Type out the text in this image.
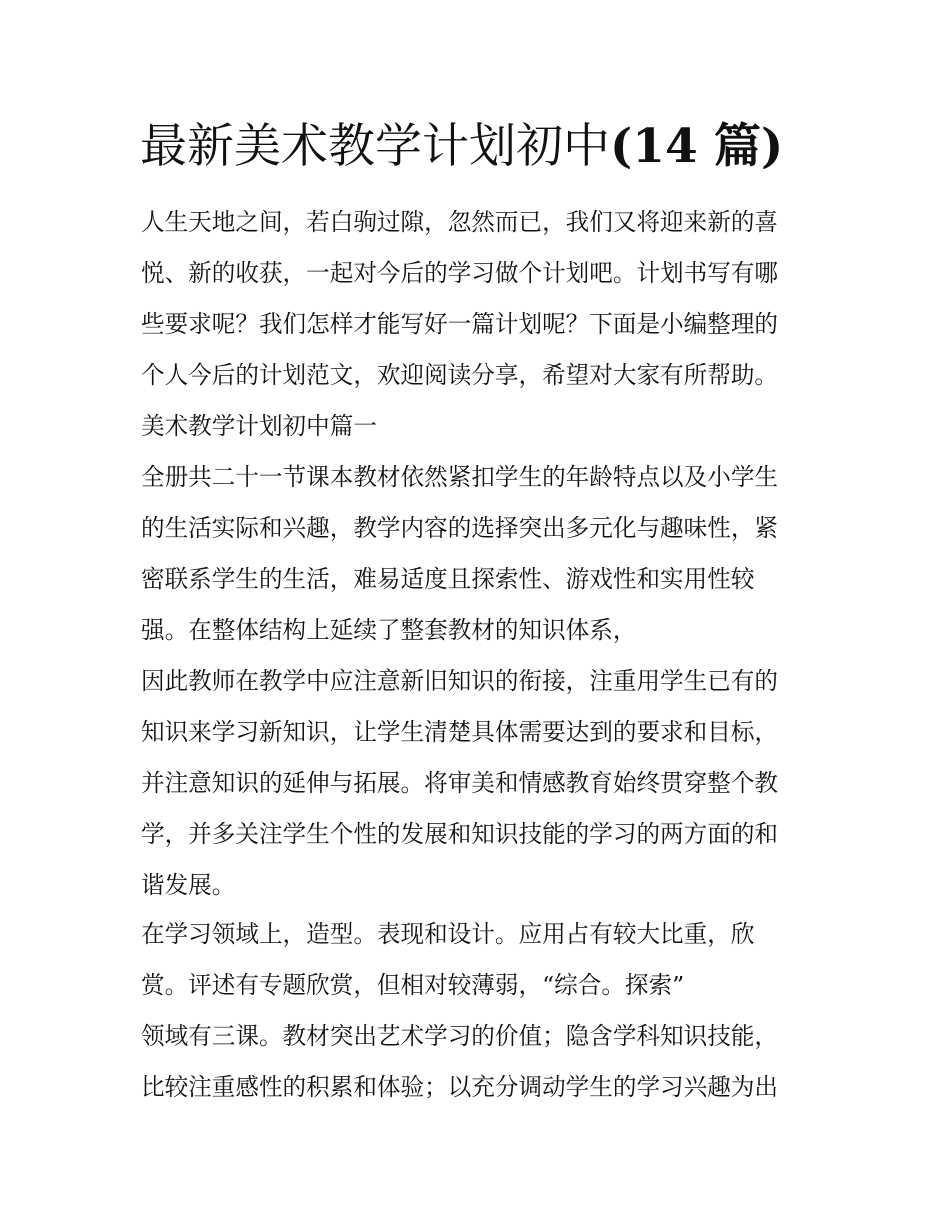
最新美术教学计划初中(14 篇)

人生天地之间，若白驹过隙，忽然而已，我们又将迎来新的喜

悦、新的收获，一起对今后的学习做个计划吧。计划书写有哪

些要求呢？我们怎样才能写好一篇计划呢？下面是小编整理的

个人今后的计划范文，欢迎阅读分享，希望对大家有所帮助。

美术教学计划初中篇一

全册共二十一节课本教材依然紧扣学生的年龄特点以及小学生

的生活实际和兴趣，教学内容的选择突出多元化与趣味性，紧

密联系学生的生活，难易适度且探索性、游戏性和实用性较

强。在整体结构上延续了整套教材的知识体系，

因此教师在教学中应注意新旧知识的衔接，注重用学生已有的

知识来学习新知识，让学生清楚具体需要达到的要求和目标，

并注意知识的延伸与拓展。将审美和情感教育始终贯穿整个教

学，并多关注学生个性的发展和知识技能的学习的两方面的和

谐发展。

在学习领域上，造型。表现和设计。应用占有较大比重，欣

赏。评述有专题欣赏，但相对较薄弱，“综合。探索”

领域有三课。教材突出艺术学习的价值；隐含学科知识技能，

比较注重感性的积累和体验；以充分调动学生的学习兴趣为出
